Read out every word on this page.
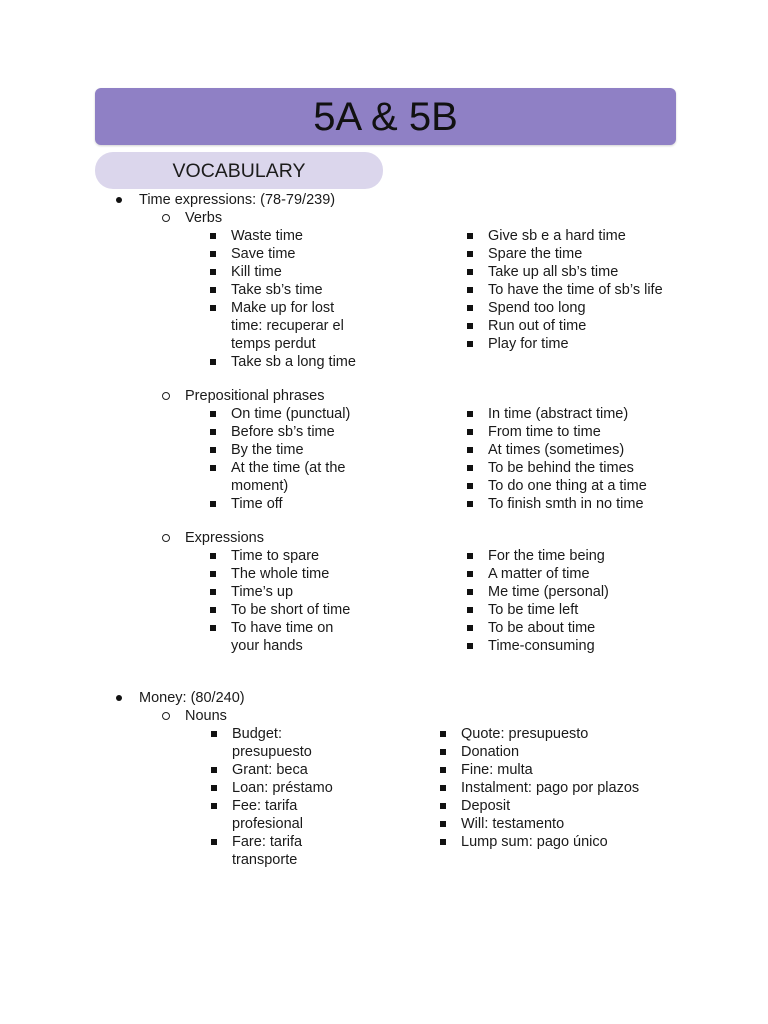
5A & 5B
VOCABULARY
Time expressions: (78-79/239)
Verbs
Waste time
Save time
Kill time
Take sb’s time
Make up for lost
time: recuperar el
temps perdut
Take sb a long time
Give sb e a hard time
Spare the time
Take up all sb’s time
To have the time of sb’s life
Spend too long
Run out of time
Play for time
Prepositional phrases
On time (punctual)
Before sb’s time
By the time
At the time (at the
moment)
Time off
In time (abstract time)
From time to time
At times (sometimes)
To be behind the times
To do one thing at a time
To finish smth in no time
Expressions
Time to spare
The whole time
Time’s up
To be short of time
To have time on
your hands
For the time being
A matter of time
Me time (personal)
To be time left
To be about time
Time-consuming
Money: (80/240)
Nouns
Budget:
presupuesto
Grant: beca
Loan: préstamo
Fee: tarifa
profesional
Fare: tarifa
transporte
Quote: presupuesto
Donation
Fine: multa
Instalment: pago por plazos
Deposit
Will: testamento
Lump sum: pago único
